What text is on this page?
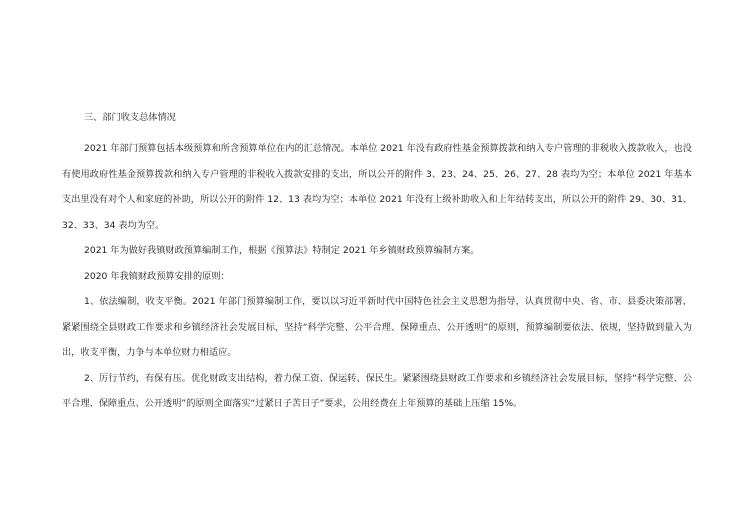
三、部门收支总体情况

2021 年部门预算包括本级预算和所含预算单位在内的汇总情况。本单位 2021 年没有政府性基金预算拨款和纳入专户管理的非税收入拨款收入，也没有使用政府性基金预算拨款和纳入专户管理的非税收入拨款安排的支出，所以公开的附件 3、23、24、25、26、27、28 表均为空；本单位 2021 年基本支出里没有对个人和家庭的补助，所以公开的附件 12、13 表均为空；本单位 2021 年没有上级补助收入和上年结转支出，所以公开的附件 29、30、31、32、33、34 表均为空。

2021 年为做好我镇财政预算编制工作，根据《预算法》特制定 2021 年乡镇财政预算编制方案。

2020 年我镇财政预算安排的原则：

1、依法编制，收支平衡。2021 年部门预算编制工作，要以以习近平新时代中国特色社会主义思想为指导，认真贯彻中央、省、市、县委决策部署，紧紧围绕全县财政工作要求和乡镇经济社会发展目标，坚持“科学完整、公平合理、保障重点、公开透明”的原则，预算编制要依法、依规，坚持做到量入为出，收支平衡，力争与本单位财力相适应。

2、厉行节约，有保有压。优化财政支出结构，着力保工资、保运转、保民生。紧紧围绕县财政工作要求和乡镇经济社会发展目标，坚持“科学完整、公平合理、保障重点、公开透明”的原则全面落实“过紧日子苦日子”要求，公用经费在上年预算的基础上压缩 15%。
